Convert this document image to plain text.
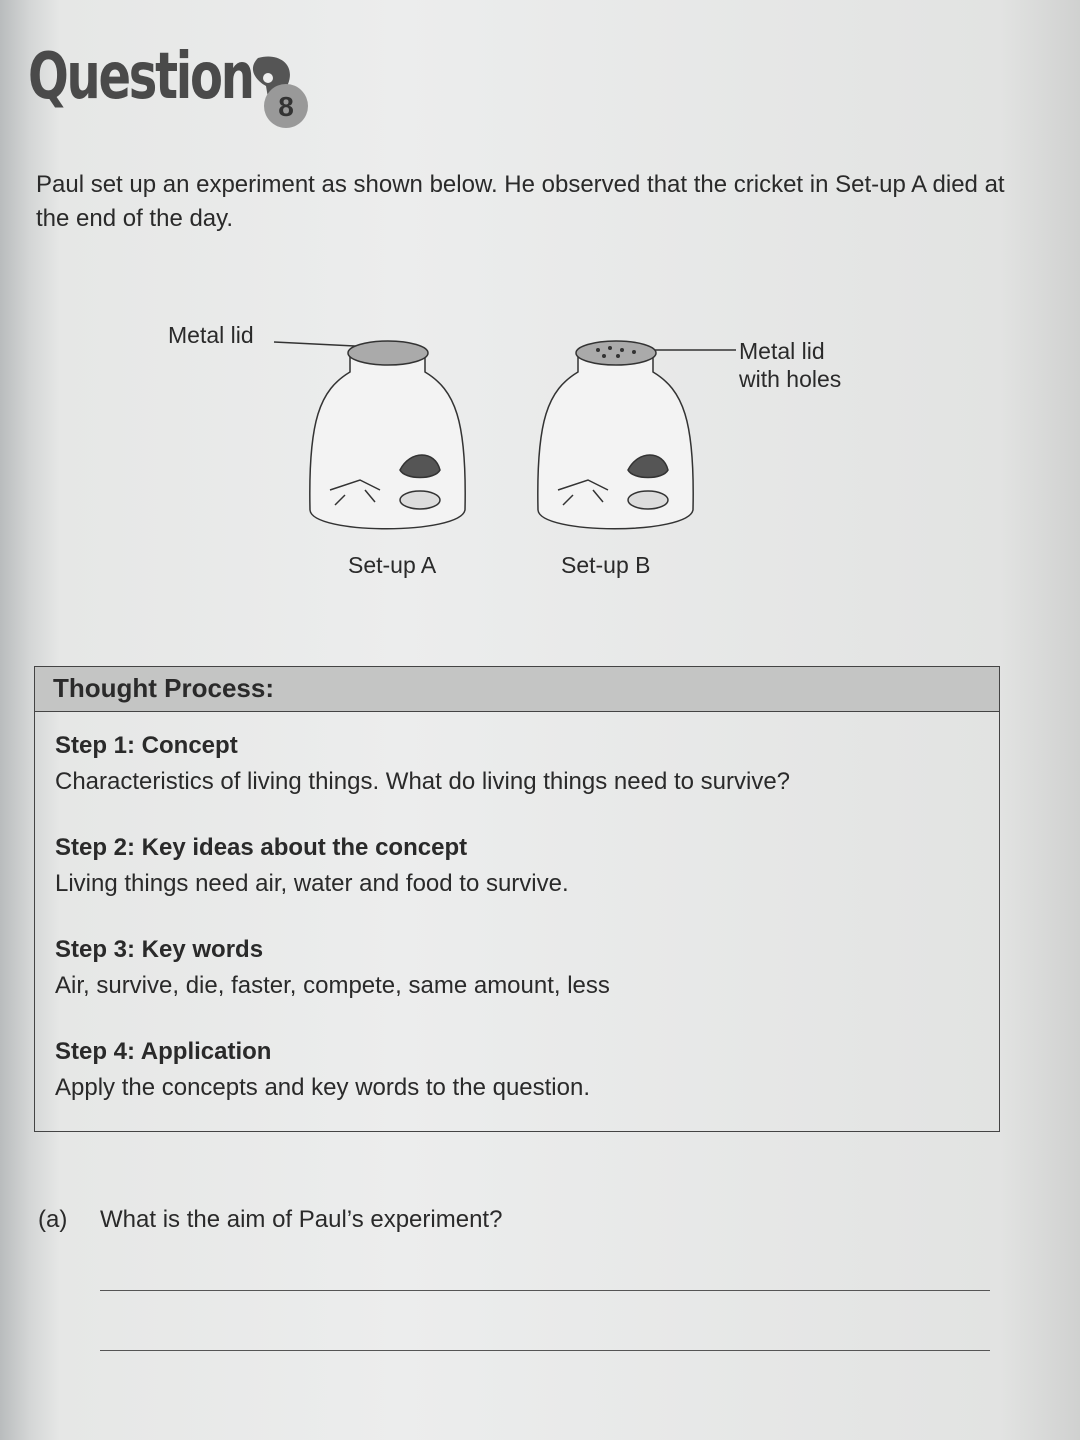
Question 8
Paul set up an experiment as shown below. He observed that the cricket in Set-up A died at the end of the day.
Metal lid
Metal lid
with holes
Set-up A	Set-up B
Thought Process:
Step 1: Concept
Characteristics of living things. What do living things need to survive?
Step 2: Key ideas about the concept
Living things need air, water and food to survive.
Step 3: Key words
Air, survive, die, faster, compete, same amount, less
Step 4: Application
Apply the concepts and key words to the question.
(a) What is the aim of Paul’s experiment?
